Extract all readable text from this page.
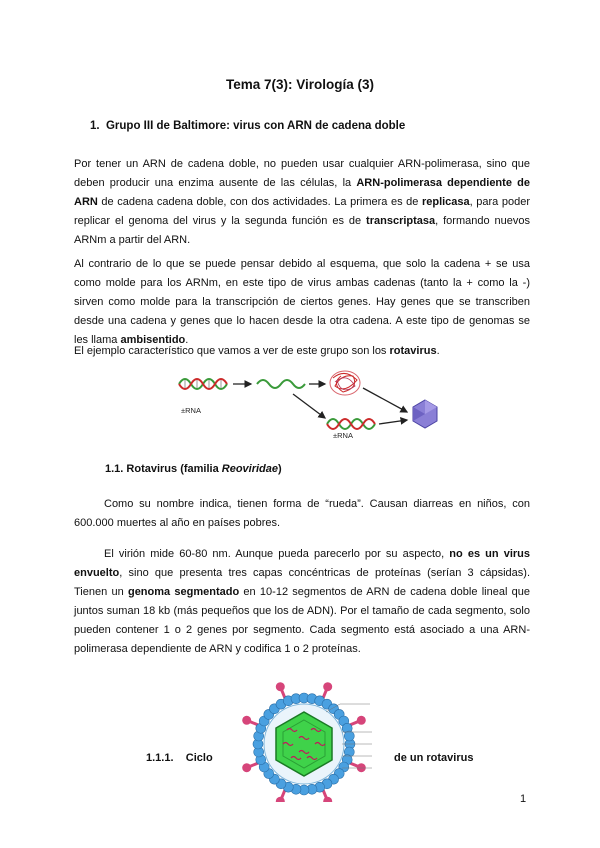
Tema 7(3): Virología (3)
1. Grupo III de Baltimore: virus con ARN de cadena doble
Por tener un ARN de cadena doble, no pueden usar cualquier ARN-polimerasa, sino que deben producir una enzima ausente de las células, la ARN-polimerasa dependiente de ARN de cadena cadena doble, con dos actividades. La primera es de replicasa, para poder replicar el genoma del virus y la segunda función es de transcriptasa, formando nuevos ARNm a partir del ARN.
Al contrario de lo que se puede pensar debido al esquema, que solo la cadena + se usa como molde para los ARNm, en este tipo de virus ambas cadenas (tanto la + como la -) sirven como molde para la transcripción de ciertos genes. Hay genes que se transcriben desde una cadena y genes que lo hacen desde la otra cadena. A este tipo de genomas se les llama ambisentido.
El ejemplo característico que vamos a ver de este grupo son los rotavirus.
±RNA
±RNA
1.1. Rotavirus (familia Reoviridae)
Como su nombre indica, tienen forma de “rueda”. Causan diarreas en niños, con 600.000 muertes al año en países pobres.
El virión mide 60-80 nm. Aunque pueda parecerlo por su aspecto, no es un virus envuelto, sino que presenta tres capas concéntricas de proteínas (serían 3 cápsidas). Tienen un genoma segmentado en 10-12 segmentos de ARN de cadena doble lineal que juntos suman 18 kb (más pequeños que los de ADN). Por el tamaño de cada segmento, solo pueden contener 1 o 2 genes por segmento. Cada segmento está asociado a una ARN-polimerasa dependiente de ARN y codifica 1 o 2 proteínas.
1.1.1. Ciclo	de un rotavirus
1
